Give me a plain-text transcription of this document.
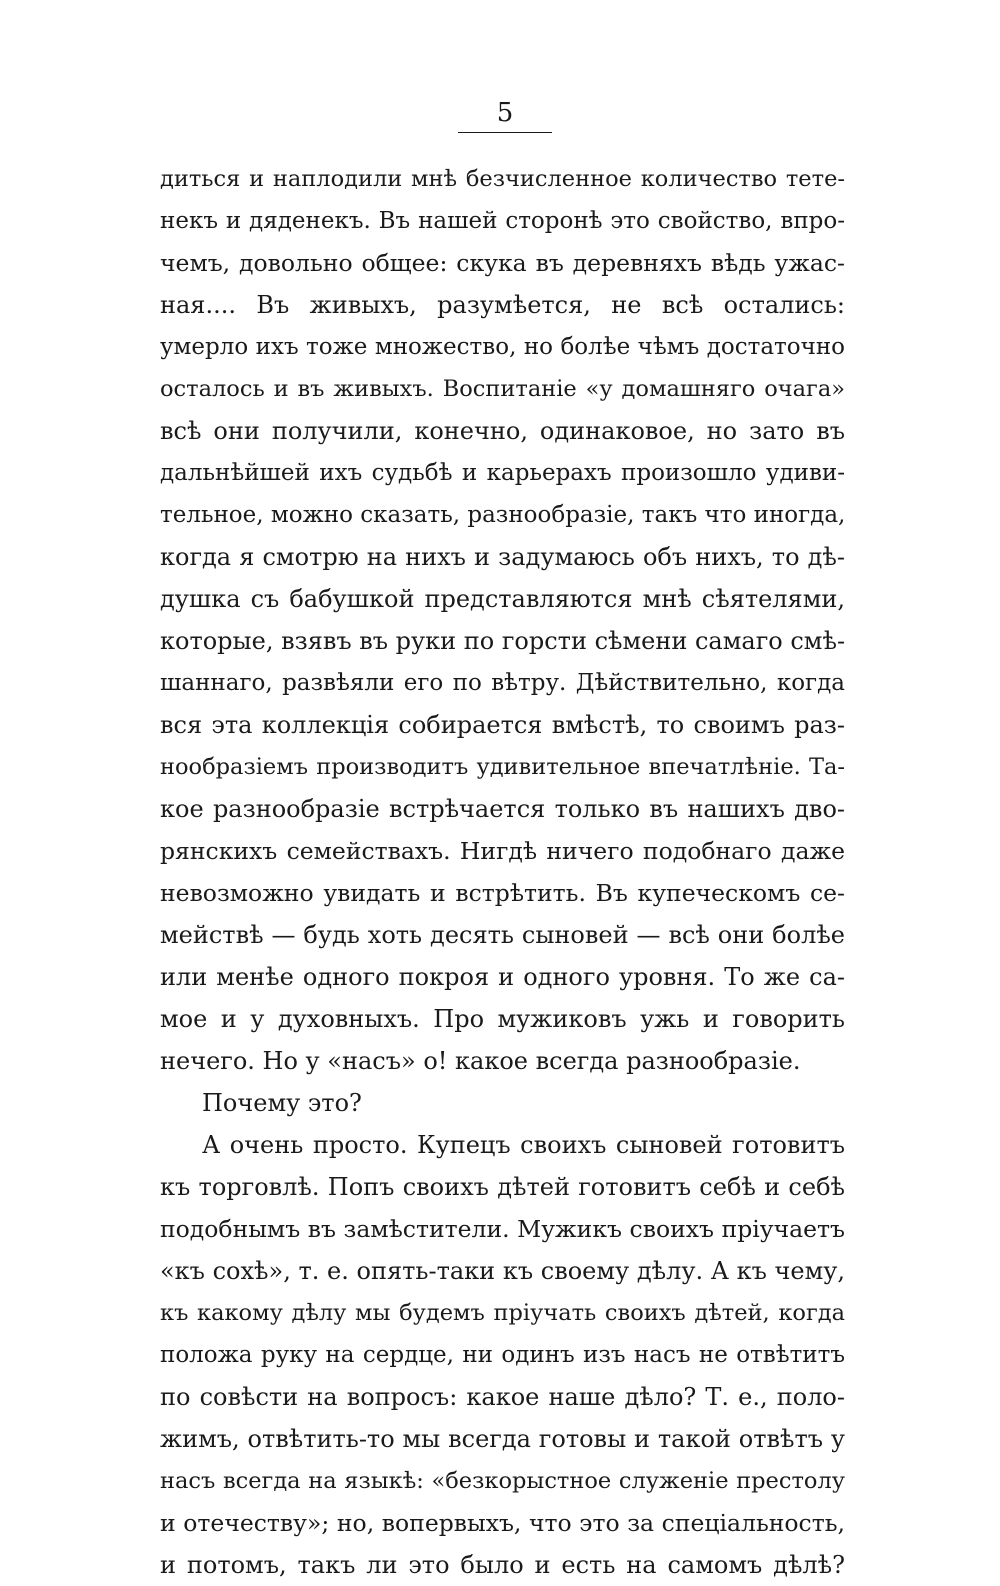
5
диться и наплодили мнѣ безчисленное количество тете-
некъ и дяденекъ. Въ нашей сторонѣ это свойство, впро-
чемъ, довольно общее: скука въ деревняхъ вѣдь ужас-
ная.... Въ живыхъ, разумѣется, не всѣ остались:
умерло ихъ тоже множество, но болѣе чѣмъ достаточно
осталось и въ живыхъ. Воспитаніе «у домашняго очага»
всѣ они получили, конечно, одинаковое, но зато въ
дальнѣйшей ихъ судьбѣ и карьерахъ произошло удиви-
тельное, можно сказать, разнообразіе, такъ что иногда,
когда я смотрю на нихъ и задумаюсь объ нихъ, то дѣ-
душка съ бабушкой представляются мнѣ сѣятелями,
которые, взявъ въ руки по горсти сѣмени самаго смѣ-
шаннаго, развѣяли его по вѣтру. Дѣйствительно, когда
вся эта коллекція собирается вмѣстѣ, то своимъ раз-
нообразіемъ производитъ удивительное впечатлѣніе. Та-
кое разнообразіе встрѣчается только въ нашихъ дво-
рянскихъ семействахъ. Нигдѣ ничего подобнаго даже
невозможно увидать и встрѣтить. Въ купеческомъ се-
мействѣ — будь хоть десять сыновей — всѣ они болѣе
или менѣе одного покроя и одного уровня. То же са-
мое и у духовныхъ. Про мужиковъ ужь и говорить
нечего. Но у «насъ» о! какое всегда разнообразіе.
Почему это?
А очень просто. Купецъ своихъ сыновей готовитъ
къ торговлѣ. Попъ своихъ дѣтей готовитъ себѣ и себѣ
подобнымъ въ замѣстители. Мужикъ своихъ пріучаетъ
«къ сохѣ», т. е. опять-таки къ своему дѣлу. А къ чему,
къ какому дѣлу мы будемъ пріучать своихъ дѣтей, когда
положа руку на сердце, ни одинъ изъ насъ не отвѣтитъ
по совѣсти на вопросъ: какое наше дѣло? Т. е., поло-
жимъ, отвѣтить-то мы всегда готовы и такой отвѣтъ у
насъ всегда на языкѣ: «безкорыстное служеніе престолу
и отечеству»; но, вопервыхъ, что это за спеціальность,
и потомъ, такъ ли это было и есть на самомъ дѣлѣ?
